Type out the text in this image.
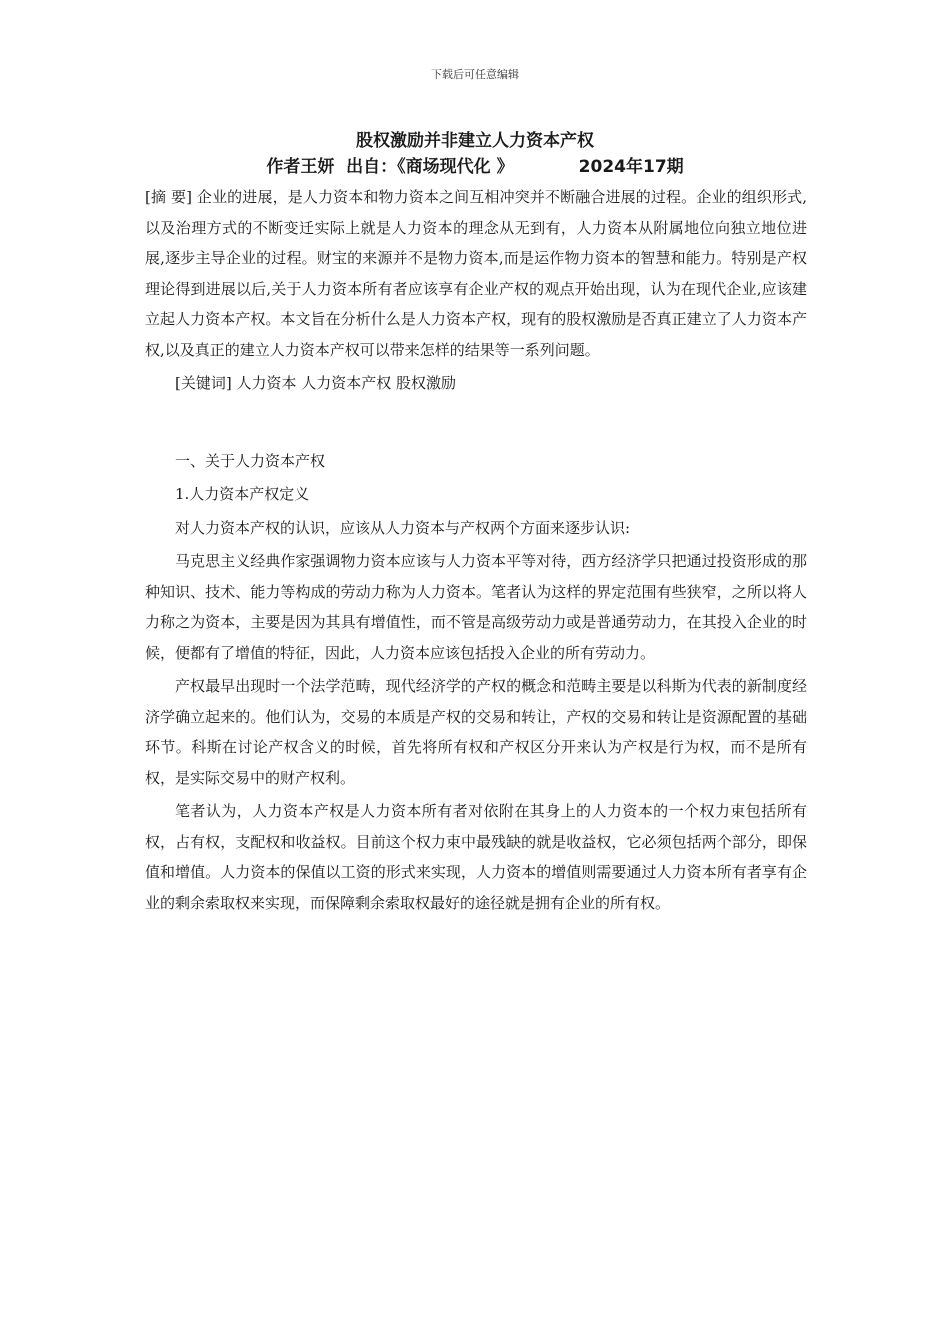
下载后可任意编辑
股权激励并非建立人力资本产权
作者王妍  出自：《商场现代化 》           2024年17期

[摘 要] 企业的进展，是人力资本和物力资本之间互相冲突并不断融合进展的过程。企业的组织形式,以及治理方式的不断变迁实际上就是人力资本的理念从无到有，人力资本从附属地位向独立地位进展,逐步主导企业的过程。财宝的来源并不是物力资本,而是运作物力资本的智慧和能力。特别是产权理论得到进展以后,关于人力资本所有者应该享有企业产权的观点开始出现，认为在现代企业,应该建立起人力资本产权。本文旨在分析什么是人力资本产权，现有的股权激励是否真正建立了人力资本产权,以及真正的建立人力资本产权可以带来怎样的结果等一系列问题。

[关键词] 人力资本 人力资本产权 股权激励

一、关于人力资本产权

1.人力资本产权定义

对人力资本产权的认识，应该从人力资本与产权两个方面来逐步认识:

马克思主义经典作家强调物力资本应该与人力资本平等对待，西方经济学只把通过投资形成的那种知识、技术、能力等构成的劳动力称为人力资本。笔者认为这样的界定范围有些狭窄，之所以将人力称之为资本，主要是因为其具有增值性，而不管是高级劳动力或是普通劳动力，在其投入企业的时候，便都有了增值的特征，因此，人力资本应该包括投入企业的所有劳动力。

产权最早出现时一个法学范畴，现代经济学的产权的概念和范畴主要是以科斯为代表的新制度经济学确立起来的。他们认为，交易的本质是产权的交易和转让，产权的交易和转让是资源配置的基础环节。科斯在讨论产权含义的时候，首先将所有权和产权区分开来认为产权是行为权，而不是所有权，是实际交易中的财产权利。

笔者认为，人力资本产权是人力资本所有者对依附在其身上的人力资本的一个权力束包括所有权，占有权，支配权和收益权。目前这个权力束中最残缺的就是收益权，它必须包括两个部分，即保值和增值。人力资本的保值以工资的形式来实现，人力资本的增值则需要通过人力资本所有者享有企业的剩余索取权来实现，而保障剩余索取权最好的途径就是拥有企业的所有权。
